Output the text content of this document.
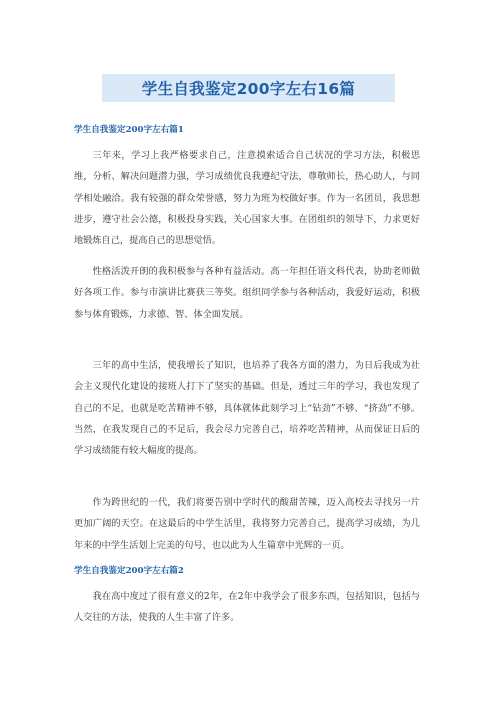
学生自我鉴定200字左右16篇
学生自我鉴定200字左右篇1

三年来，学习上我严格要求自己，注意摸索适合自己状况的学习方法，积极思维，分析、解决问题潜力强，学习成绩优良我遵纪守法，尊敬师长，热心助人，与同学相处融洽。我有较强的群众荣誉感，努力为班为校做好事。作为一名团员，我思想进步，遵守社会公德，积极投身实践，关心国家大事。在团组织的领导下，力求更好地锻炼自己，提高自己的思想觉悟。

性格活泼开朗的我积极参与各种有益活动。高一年担任语文科代表，协助老师做好各项工作。参与市演讲比赛获三等奖。组织同学参与各种活动，我爱好运动，积极参与体育锻炼，力求德、智、体全面发展。

三年的高中生活，使我增长了知识，也培养了我各方面的潜力，为日后我成为社会主义现代化建设的接班人打下了坚实的基础。但是，透过三年的学习，我也发现了自己的不足，也就是吃苦精神不够，具体就体此刻学习上“钻劲”不够、“挤劲”不够。当然，在我发现自己的不足后，我会尽力完善自己，培养吃苦精神，从而保证日后的学习成绩能有较大幅度的提高。

作为跨世纪的一代，我们将要告别中学时代的酸甜苦辣，迈入高校去寻找另一片更加广阔的天空。在这最后的中学生活里，我将努力完善自己，提高学习成绩，为几年来的中学生活划上完美的句号，也以此为人生篇章中光辉的一页。

学生自我鉴定200字左右篇2

我在高中度过了很有意义的2年，在2年中我学会了很多东西，包括知识，包括与人交往的方法，使我的人生丰富了许多。
